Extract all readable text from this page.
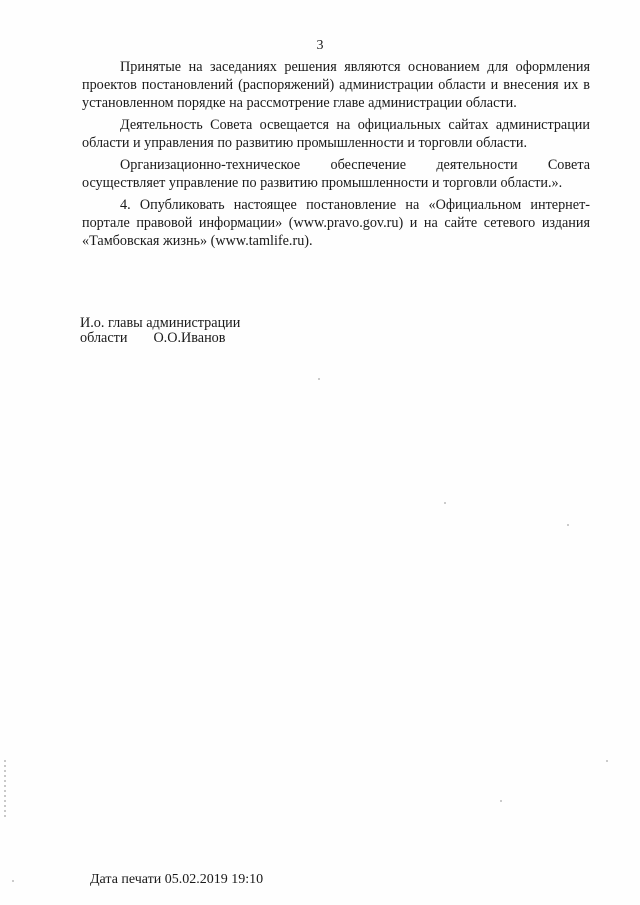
3

Принятые на заседаниях решения являются основанием для оформления проектов постановлений (распоряжений) администрации области и внесения их в установленном порядке на рассмотрение главе администрации области.

Деятельность Совета освещается на официальных сайтах администрации области и управления по развитию промышленности и торговли области.

Организационно-техническое обеспечение деятельности Совета осуществляет управление по развитию промышленности и торговли области.».

4. Опубликовать настоящее постановление на «Официальном интернет-портале правовой информации» (www.pravo.gov.ru) и на сайте сетевого издания «Тамбовская жизнь» (www.tamlife.ru).

И.о. главы администрации
области О.О.Иванов
Дата печати 05.02.2019 19:10
